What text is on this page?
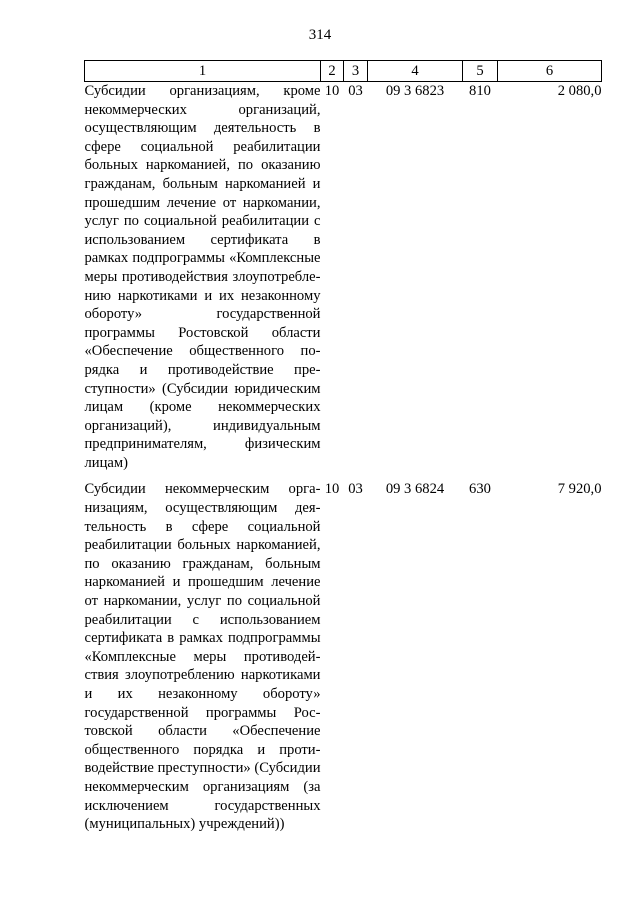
314
1	2	3	4	5	6
Субсидии организациям, кроме некоммерческих организаций, осуществляющим деятельность в сфере социальной реабилитации больных наркоманией, по оказанию гражданам, больным наркоманией и прошедшим лечение от наркомании, услуг по социальной реабилитации с использованием сертификата в рамках подпрограммы «Комплексные меры противодействия злоупотреблению наркотиками и их незаконному обороту» государственной программы Ростовской области «Обеспечение общественного порядка и противодействие преступности» (Субсидии юридическим лицам (кроме некоммерческих организаций), индивидуальным предпринимателям, физическим лицам)	10	03	09 3 6823	810	2 080,0
Субсидии некоммерческим организациям, осуществляющим деятельность в сфере социальной реабилитации больных наркоманией, по оказанию гражданам, больным наркоманией и прошедшим лечение от наркомании, услуг по социальной реабилитации с использованием сертификата в рамках подпрограммы «Комплексные меры противодействия злоупотреблению наркотиками и их незаконному обороту» государственной программы Ростовской области «Обеспечение общественного порядка и противодействие преступности» (Субсидии некоммерческим организациям (за исключением государственных (муниципальных) учреждений))	10	03	09 3 6824	630	7 920,0
